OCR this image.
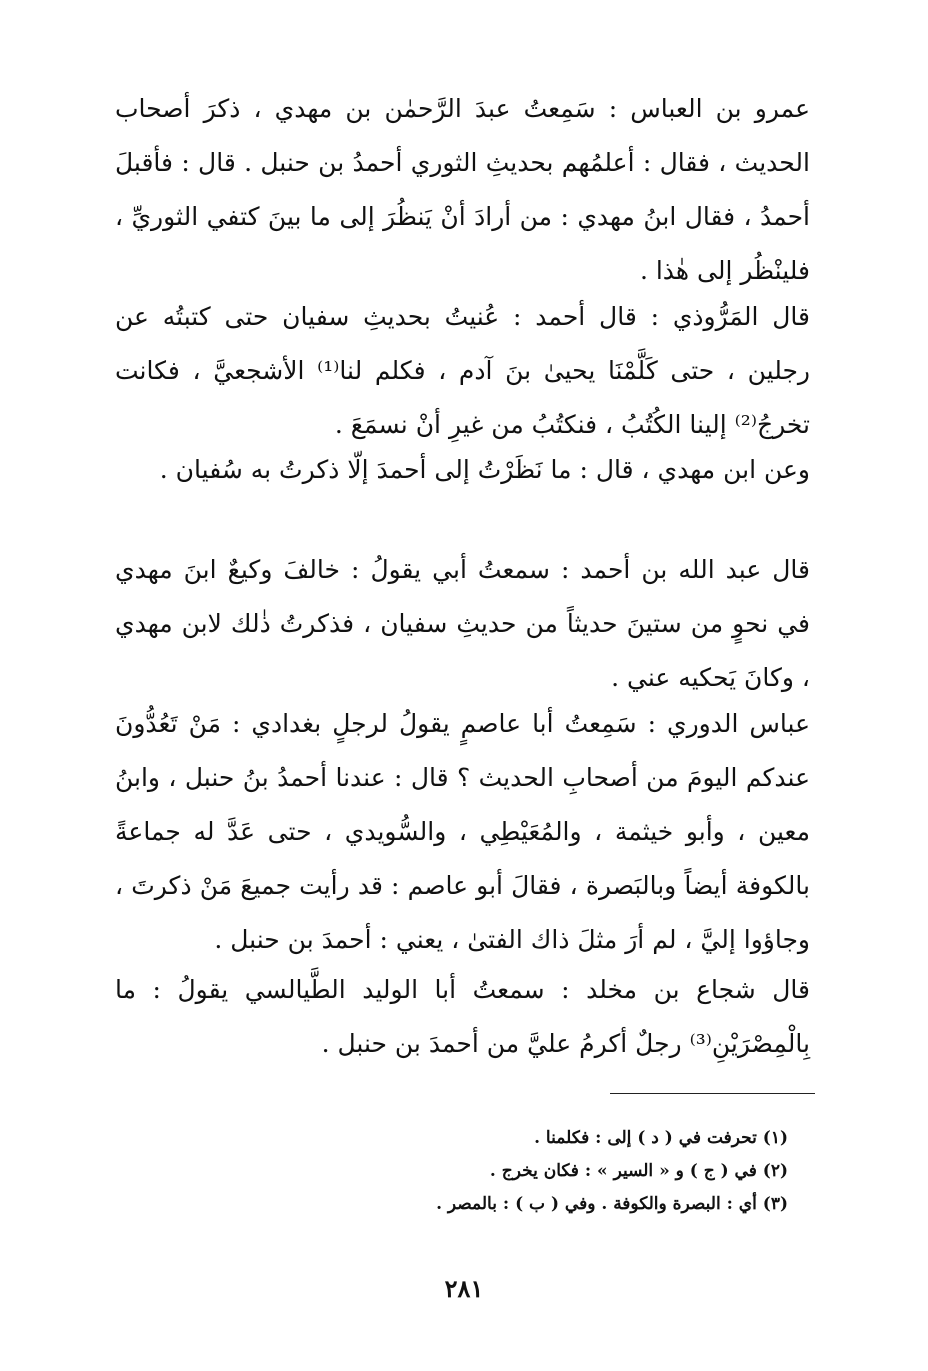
عمرو بن العباس : سَمِعتُ عبدَ الرَّحمٰن بن مهدي ، ذكرَ أصحاب الحديث ، فقال : أعلمُهم بحديثِ الثوري أحمدُ بن حنبل . قال : فأقبلَ أحمدُ ، فقال ابنُ مهدي : من أرادَ أنْ يَنظُرَ إلى ما بينَ كتفي الثوريِّ ، فلينْظُر إلى هٰذا .

قال المَرُّوذي : قال أحمد : عُنيتُ بحديثِ سفيان حتى كتبتُه عن رجلين ، حتى كَلَّمْنَا يحيىٰ بنَ آدم ، فكلم لنا⁽¹⁾ الأشجعيَّ ، فكانت تخرجُ⁽²⁾ إلينا الكُتُبُ ، فنكتُبُ من غيرِ أنْ نسمَعَ .

وعن ابن مهدي ، قال : ما نَظَرْتُ إلى أحمدَ إلّا ذكرتُ به سُفيان .

قال عبد الله بن أحمد : سمعتُ أبي يقولُ : خالفَ وكيعٌ ابنَ مهدي في نحوٍ من ستينَ حديثاً من حديثِ سفيان ، فذكرتُ ذٰلك لابن مهدي ، وكانَ يَحكيه عني .

عباس الدوري : سَمِعتُ أبا عاصمٍ يقولُ لرجلٍ بغدادي : مَنْ تَعُدُّونَ عندكم اليومَ من أصحابِ الحديث ؟ قال : عندنا أحمدُ بنُ حنبل ، وابنُ معين ، وأبو خيثمة ، والمُعَيْطِي ، والسُّويدي ، حتى عَدَّ له جماعةً بالكوفة أيضاً وبالبَصرة ، فقالَ أبو عاصم : قد رأيت جميعَ مَنْ ذكرتَ ، وجاؤوا إليَّ ، لم أرَ مثلَ ذاك الفتىٰ ، يعني : أحمدَ بن حنبل .

قال شجاع بن مخلد : سمعتُ أبا الوليد الطَّيالسي يقولُ : ما بِالْمِصْرَيْنِ⁽³⁾ رجلٌ أكرمُ عليَّ من أحمدَ بن حنبل .

(١) تحرفت في ( د ) إلى : فكلمنا .

(٢) في ( ج ) و « السير » : فكان يخرج .

(٣) أي : البصرة والكوفة . وفي ( ب ) : بالمصر .

٢٨١
